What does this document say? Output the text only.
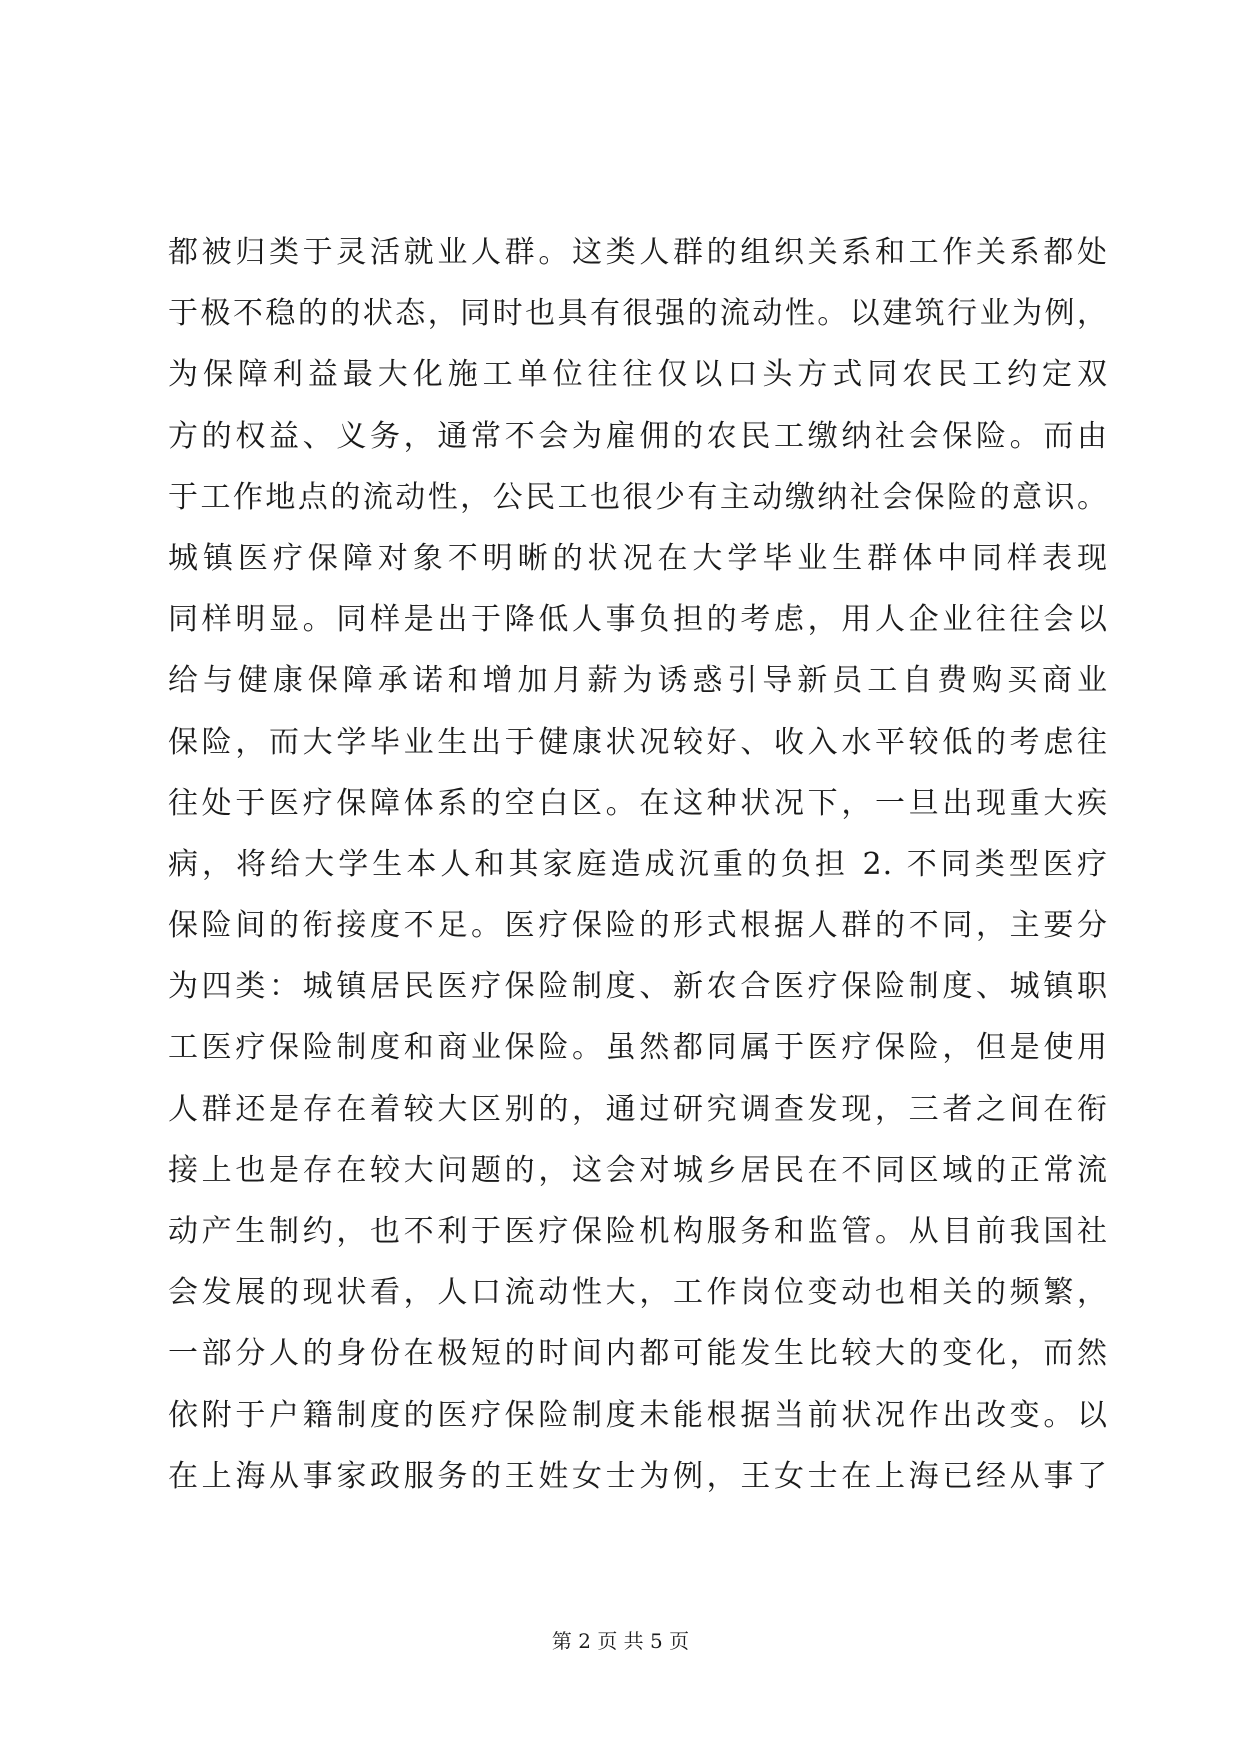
都被归类于灵活就业人群。这类人群的组织关系和工作关系都处
于极不稳的的状态，同时也具有很强的流动性。以建筑行业为例，
为保障利益最大化施工单位往往仅以口头方式同农民工约定双
方的权益、义务，通常不会为雇佣的农民工缴纳社会保险。而由
于工作地点的流动性，公民工也很少有主动缴纳社会保险的意识。
城镇医疗保障对象不明晰的状况在大学毕业生群体中同样表现
同样明显。同样是出于降低人事负担的考虑，用人企业往往会以
给与健康保障承诺和增加月薪为诱惑引导新员工自费购买商业
保险，而大学毕业生出于健康状况较好、收入水平较低的考虑往
往处于医疗保障体系的空白区。在这种状况下，一旦出现重大疾
病，将给大学生本人和其家庭造成沉重的负担 2. 不同类型医疗
保险间的衔接度不足。医疗保险的形式根据人群的不同，主要分
为四类：城镇居民医疗保险制度、新农合医疗保险制度、城镇职
工医疗保险制度和商业保险。虽然都同属于医疗保险，但是使用
人群还是存在着较大区别的，通过研究调查发现，三者之间在衔
接上也是存在较大问题的，这会对城乡居民在不同区域的正常流
动产生制约，也不利于医疗保险机构服务和监管。从目前我国社
会发展的现状看，人口流动性大，工作岗位变动也相关的频繁，
一部分人的身份在极短的时间内都可能发生比较大的变化，而然
依附于户籍制度的医疗保险制度未能根据当前状况作出改变。以
在上海从事家政服务的王姓女士为例，王女士在上海已经从事了
第 2 页 共 5 页
